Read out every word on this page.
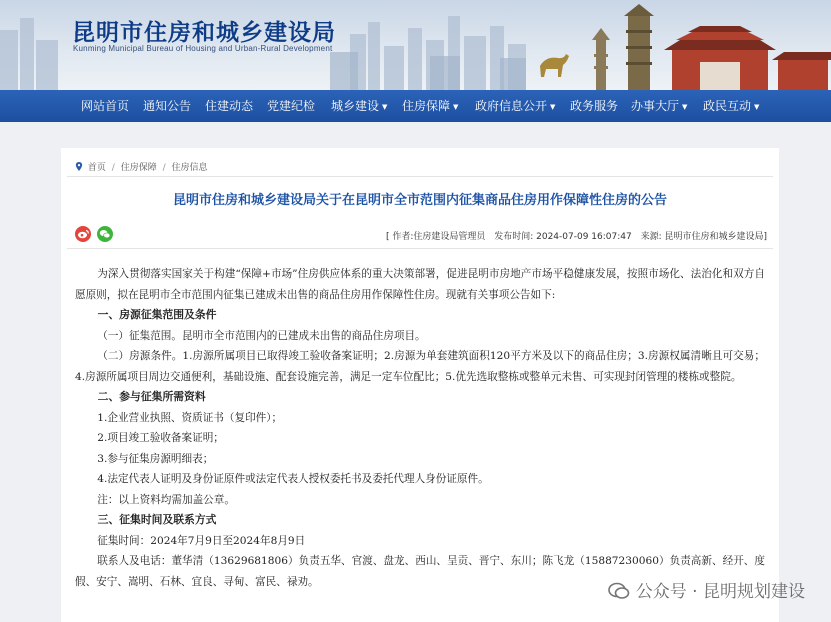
昆明市住房和城乡建设局
Kunming Municipal Bureau of Housing and Urban-Rural Development
网站首页 通知公告 住建动态 党建纪检 城乡建设 ▼ 住房保障 ▼ 政府信息公开 ▼ 政务服务 办事大厅 ▼ 政民互动 ▼
首页 / 住房保障 / 住房信息
昆明市住房和城乡建设局关于在昆明市全市范围内征集商品住房用作保障性住房的公告
[ 作者:住房建设局管理员 发布时间: 2024-07-09 16:07:47 来源: 昆明市住房和城乡建设局]

为深入贯彻落实国家关于构建“保障+市场”住房供应体系的重大决策部署，促进昆明市房地产市场平稳健康发展，按照市场化、法治化和双方自愿原则，拟在昆明市全市范围内征集已建成未出售的商品住房用作保障性住房。现就有关事项公告如下:

一、房源征集范围及条件

（一）征集范围。昆明市全市范围内的已建成未出售的商品住房项目。

（二）房源条件。1.房源所属项目已取得竣工验收备案证明；2.房源为单套建筑面积120平方米及以下的商品住房；3.房源权属清晰且可交易；4.房源所属项目周边交通便利，基础设施、配套设施完善，满足一定车位配比；5.优先选取整栋或整单元未售、可实现封闭管理的楼栋或整院。

二、参与征集所需资料

1.企业营业执照、资质证书（复印件）；

2.项目竣工验收备案证明；

3.参与征集房源明细表；

4.法定代表人证明及身份证原件或法定代表人授权委托书及委托代理人身份证原件。

注：以上资料均需加盖公章。

三、征集时间及联系方式

征集时间：2024年7月9日至2024年8月9日

联系人及电话：董华清（13629681806）负责五华、官渡、盘龙、西山、呈贡、晋宁、东川；陈飞龙（15887230060）负责高新、经开、度假、安宁、嵩明、石林、宜良、寻甸、富民、禄劝。

公众号 · 昆明规划建设
